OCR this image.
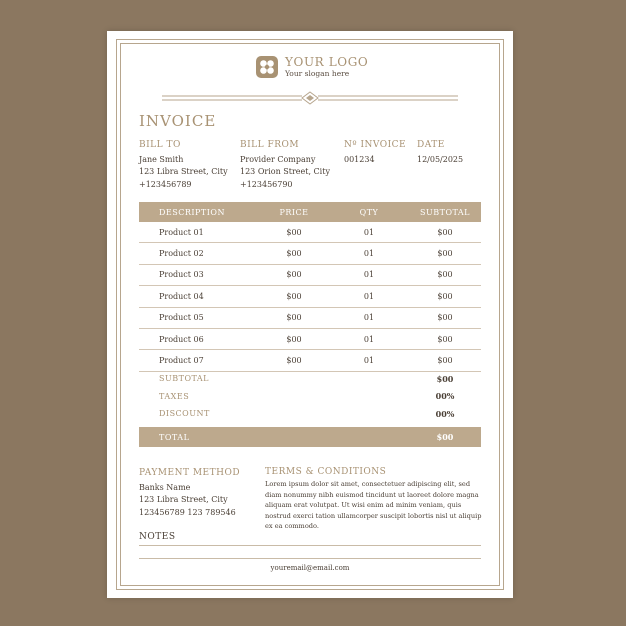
YOUR LOGO
Your slogan here
INVOICE
BILL TO
Jane Smith
123 Libra Street, City
+123456789
BILL FROM
Provider Company
123 Orion Street, City
+123456790
Nº INVOICE
001234
DATE
12/05/2025
DESCRIPTION	PRICE	QTY	SUBTOTAL
Product 01	$00	01	$00
Product 02	$00	01	$00
Product 03	$00	01	$00
Product 04	$00	01	$00
Product 05	$00	01	$00
Product 06	$00	01	$00
Product 07	$00	01	$00
SUBTOTAL	$00
TAXES	00%
DISCOUNT	00%
TOTAL	$00
PAYMENT METHOD
Banks Name
123 Libra Street, City
123456789 123 789546
TERMS & CONDITIONS
Lorem ipsum dolor sit amet, consectetuer adipiscing elit, sed diam nonummy nibh euismod tincidunt ut laoreet dolore magna aliquam erat volutpat. Ut wisi enim ad minim veniam, quis nostrud exerci tation ullamcorper suscipit lobortis nisl ut aliquip ex ea commodo.
NOTES
youremail@email.com
